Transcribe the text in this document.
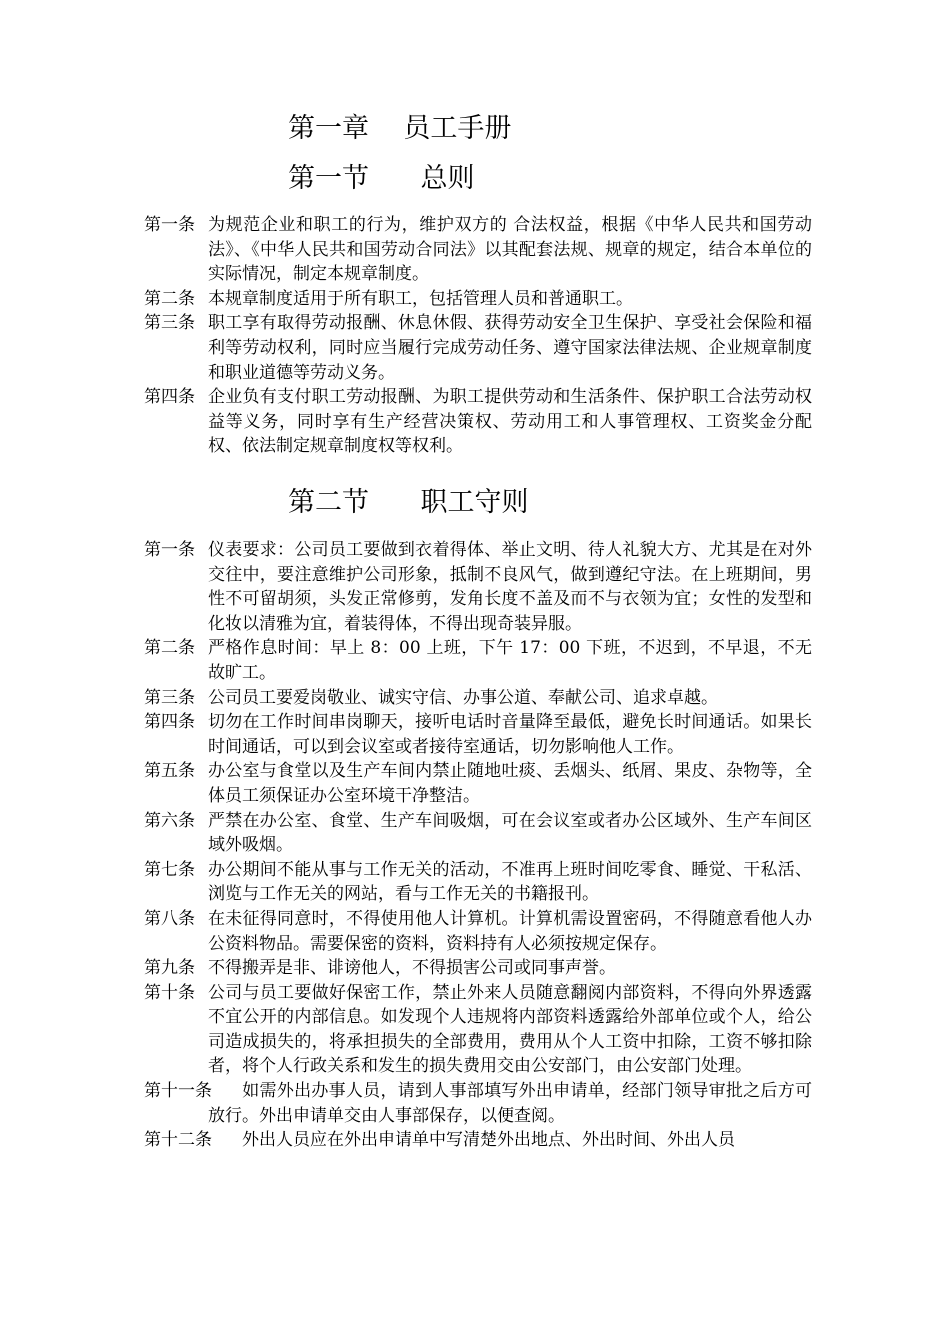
第一章    员工手册
第一节      总则
第一条 为规范企业和职工的行为，维护双方的 合法权益，根据《中华人民共和国劳动法》、《中华人民共和国劳动合同法》以其配套法规、规章的规定，结合本单位的实际情况，制定本规章制度。
第二条 本规章制度适用于所有职工，包括管理人员和普通职工。
第三条 职工享有取得劳动报酬、休息休假、获得劳动安全卫生保护、享受社会保险和福利等劳动权利，同时应当履行完成劳动任务、遵守国家法律法规、企业规章制度和职业道德等劳动义务。
第四条 企业负有支付职工劳动报酬、为职工提供劳动和生活条件、保护职工合法劳动权益等义务，同时享有生产经营决策权、劳动用工和人事管理权、工资奖金分配权、依法制定规章制度权等权利。
第二节      职工守则
第一条 仪表要求：公司员工要做到衣着得体、举止文明、待人礼貌大方、尤其是在对外交往中，要注意维护公司形象，抵制不良风气，做到遵纪守法。在上班期间，男性不可留胡须，头发正常修剪，发角长度不盖及而不与衣领为宜；女性的发型和化妆以清雅为宜，着装得体，不得出现奇装异服。
第二条 严格作息时间：早上 8：00 上班，下午 17：00 下班，不迟到，不早退，不无故旷工。
第三条 公司员工要爱岗敬业、诚实守信、办事公道、奉献公司、追求卓越。
第四条 切勿在工作时间串岗聊天，接听电话时音量降至最低，避免长时间通话。如果长时间通话，可以到会议室或者接待室通话，切勿影响他人工作。
第五条 办公室与食堂以及生产车间内禁止随地吐痰、丢烟头、纸屑、果皮、杂物等，全体员工须保证办公室环境干净整洁。
第六条 严禁在办公室、食堂、生产车间吸烟，可在会议室或者办公区域外、生产车间区域外吸烟。
第七条 办公期间不能从事与工作无关的活动，不准再上班时间吃零食、睡觉、干私活、浏览与工作无关的网站，看与工作无关的书籍报刊。
第八条 在未征得同意时，不得使用他人计算机。计算机需设置密码，不得随意看他人办公资料物品。需要保密的资料，资料持有人必须按规定保存。
第九条 不得搬弄是非、诽谤他人，不得损害公司或同事声誉。
第十条 公司与员工要做好保密工作，禁止外来人员随意翻阅内部资料，不得向外界透露不宜公开的内部信息。如发现个人违规将内部资料透露给外部单位或个人，给公司造成损失的，将承担损失的全部费用，费用从个人工资中扣除，工资不够扣除者，将个人行政关系和发生的损失费用交由公安部门，由公安部门处理。
第十一条 如需外出办事人员，请到人事部填写外出申请单，经部门领导审批之后方可放行。外出申请单交由人事部保存，以便查阅。
第十二条 外出人员应在外出申请单中写清楚外出地点、外出时间、外出人员
